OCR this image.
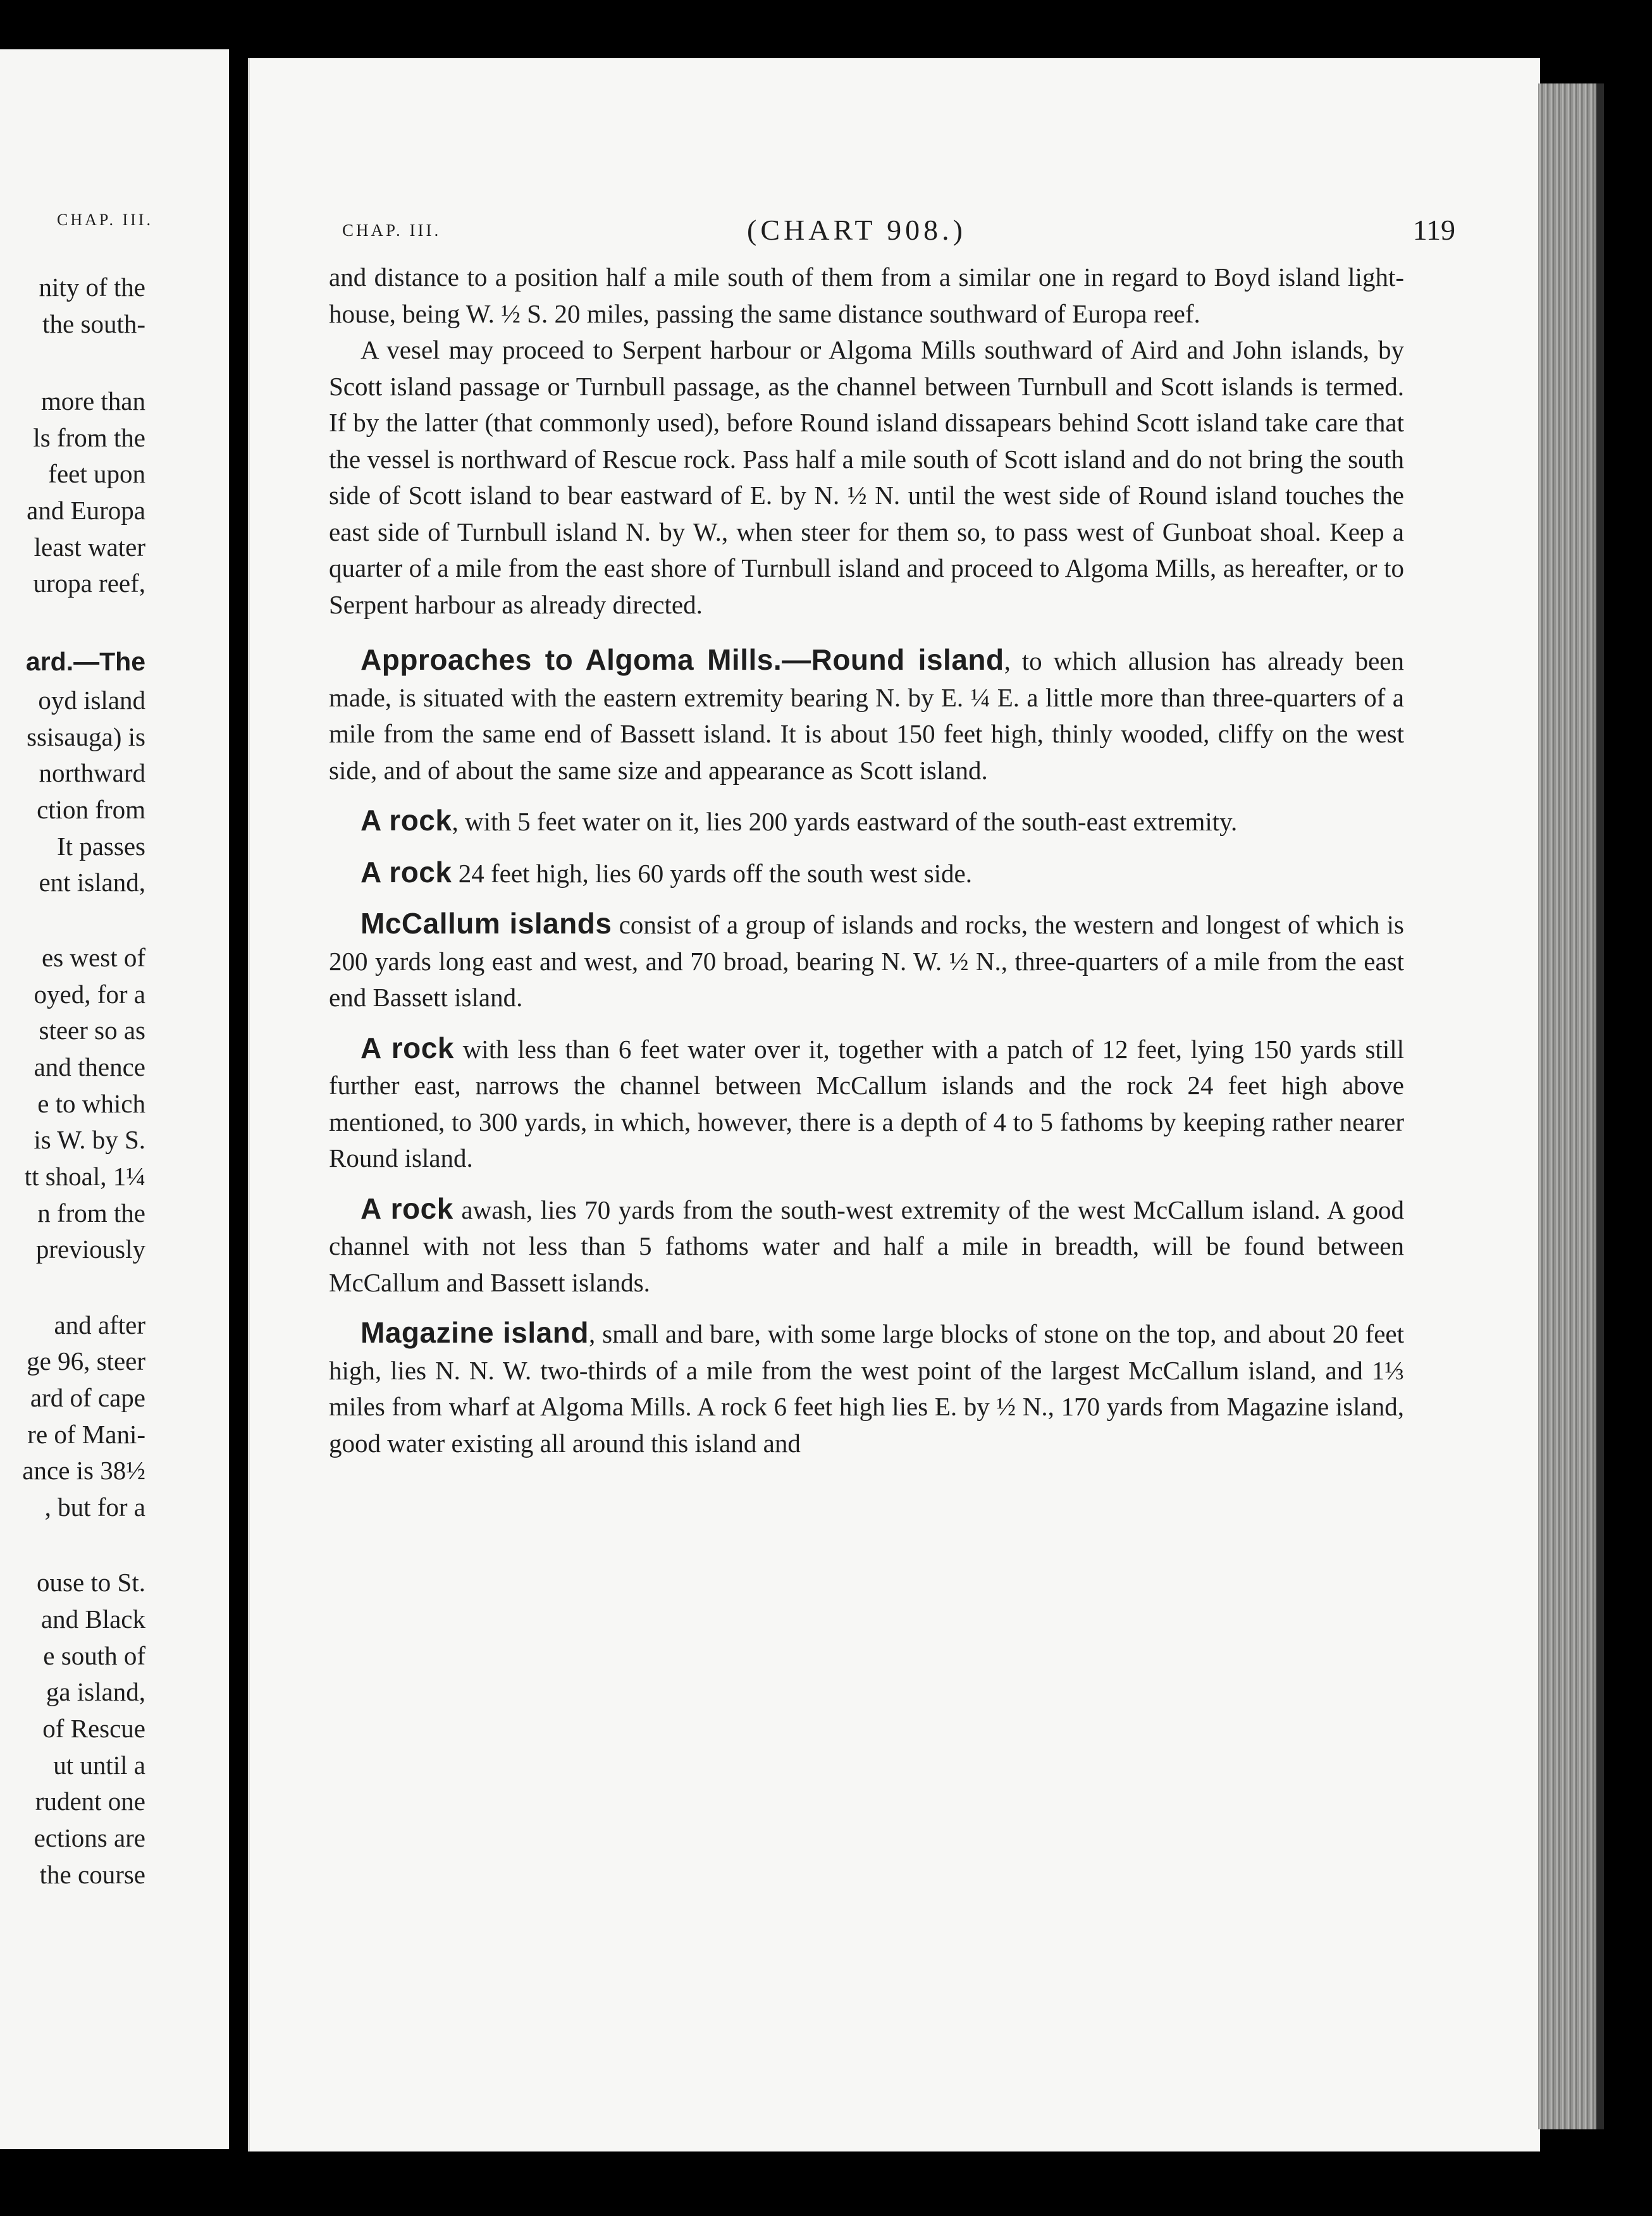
CHAP. III.
nity of the
the south-
more than
ls from the
feet upon
and Europa
least water
uropa reef,
ard.—The
oyd island
ssisauga) is
northward
ction from
It passes
ent island,
es west of
oyed, for a
steer so as
and thence
e to which
is W. by S.
tt shoal, 1¼
n from the
previously
and after
ge 96, steer
ard of cape
re of Mani-
ance is 38½
, but for a
ouse to St.
and Black
e south of
ga island,
of Rescue
ut until a
rudent one
ections are
the course
CHAP. III.	(CHART 908.)	119

and distance to a position half a mile south of them from a similar one in regard to Boyd island light-house, being W. ½ S. 20 miles, passing the same distance southward of Europa reef.

A vesel may proceed to Serpent harbour or Algoma Mills southward of Aird and John islands, by Scott island passage or Turnbull passage, as the channel between Turnbull and Scott islands is termed. If by the latter (that commonly used), before Round island dissapears behind Scott island take care that the vessel is northward of Rescue rock. Pass half a mile south of Scott island and do not bring the south side of Scott island to bear eastward of E. by N. ½ N. until the west side of Round island touches the east side of Turnbull island N. by W., when steer for them so, to pass west of Gunboat shoal. Keep a quarter of a mile from the east shore of Turnbull island and proceed to Algoma Mills, as hereafter, or to Serpent harbour as already directed.

Approaches to Algoma Mills.—Round island, to which allusion has already been made, is situated with the eastern extremity bearing N. by E. ¼ E. a little more than three-quarters of a mile from the same end of Bassett island. It is about 150 feet high, thinly wooded, cliffy on the west side, and of about the same size and appearance as Scott island.

A rock, with 5 feet water on it, lies 200 yards eastward of the south-east extremity.

A rock 24 feet high, lies 60 yards off the south west side.

McCallum islands consist of a group of islands and rocks, the western and longest of which is 200 yards long east and west, and 70 broad, bearing N. W. ½ N., three-quarters of a mile from the east end Bassett island.

A rock with less than 6 feet water over it, together with a patch of 12 feet, lying 150 yards still further east, narrows the channel between McCallum islands and the rock 24 feet high above mentioned, to 300 yards, in which, however, there is a depth of 4 to 5 fathoms by keeping rather nearer Round island.

A rock awash, lies 70 yards from the south-west extremity of the west McCallum island. A good channel with not less than 5 fathoms water and half a mile in breadth, will be found between McCallum and Bassett islands.

Magazine island, small and bare, with some large blocks of stone on the top, and about 20 feet high, lies N. N. W. two-thirds of a mile from the west point of the largest McCallum island, and 1⅓ miles from wharf at Algoma Mills. A rock 6 feet high lies E. by ½ N., 170 yards from Magazine island, good water existing all around this island and
